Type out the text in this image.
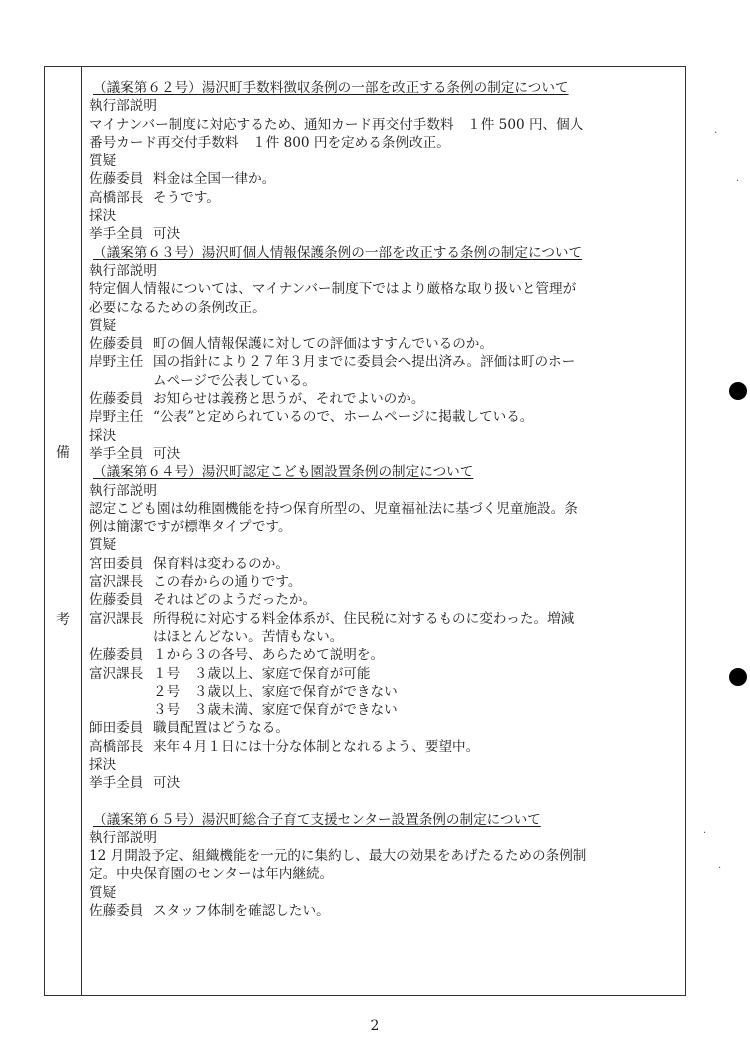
備
考
（議案第６２号）湯沢町手数料徴収条例の一部を改正する条例の制定について
執行部説明
マイナンバー制度に対応するため、通知カード再交付手数料　１件 500 円、個人
番号カード再交付手数料　１件 800 円を定める条例改正。
質疑
佐藤委員 料金は全国一律か。
高橋部長 そうです。
採決
挙手全員 可決
（議案第６３号）湯沢町個人情報保護条例の一部を改正する条例の制定について
執行部説明
特定個人情報については、マイナンバー制度下ではより厳格な取り扱いと管理が
必要になるための条例改正。
質疑
佐藤委員 町の個人情報保護に対しての評価はすすんでいるのか。
岸野主任 国の指針により２７年３月までに委員会へ提出済み。評価は町のホー
ムページで公表している。
佐藤委員 お知らせは義務と思うが、それでよいのか。
岸野主任 “公表”と定められているので、ホームページに掲載している。
採決
挙手全員 可決
（議案第６４号）湯沢町認定こども園設置条例の制定について
執行部説明
認定こども園は幼稚園機能を持つ保育所型の、児童福祉法に基づく児童施設。条
例は簡潔ですが標準タイプです。
質疑
宮田委員 保育料は変わるのか。
富沢課長 この春からの通りです。
佐藤委員 それはどのようだったか。
富沢課長 所得税に対応する料金体系が、住民税に対するものに変わった。増減
はほとんどない。苦情もない。
佐藤委員 １から３の各号、あらためて説明を。
富沢課長 １号　３歳以上、家庭で保育が可能
２号　３歳以上、家庭で保育ができない
３号　３歳未満、家庭で保育ができない
師田委員 職員配置はどうなる。
高橋部長 来年４月１日には十分な体制となれるよう、要望中。
採決
挙手全員 可決
（議案第６５号）湯沢町総合子育て支援センター設置条例の制定について
執行部説明
12 月開設予定、組織機能を一元的に集約し、最大の効果をあげたるための条例制
定。中央保育園のセンターは年内継続。
質疑
佐藤委員 スタッフ体制を確認したい。
·
·
·
·
2
